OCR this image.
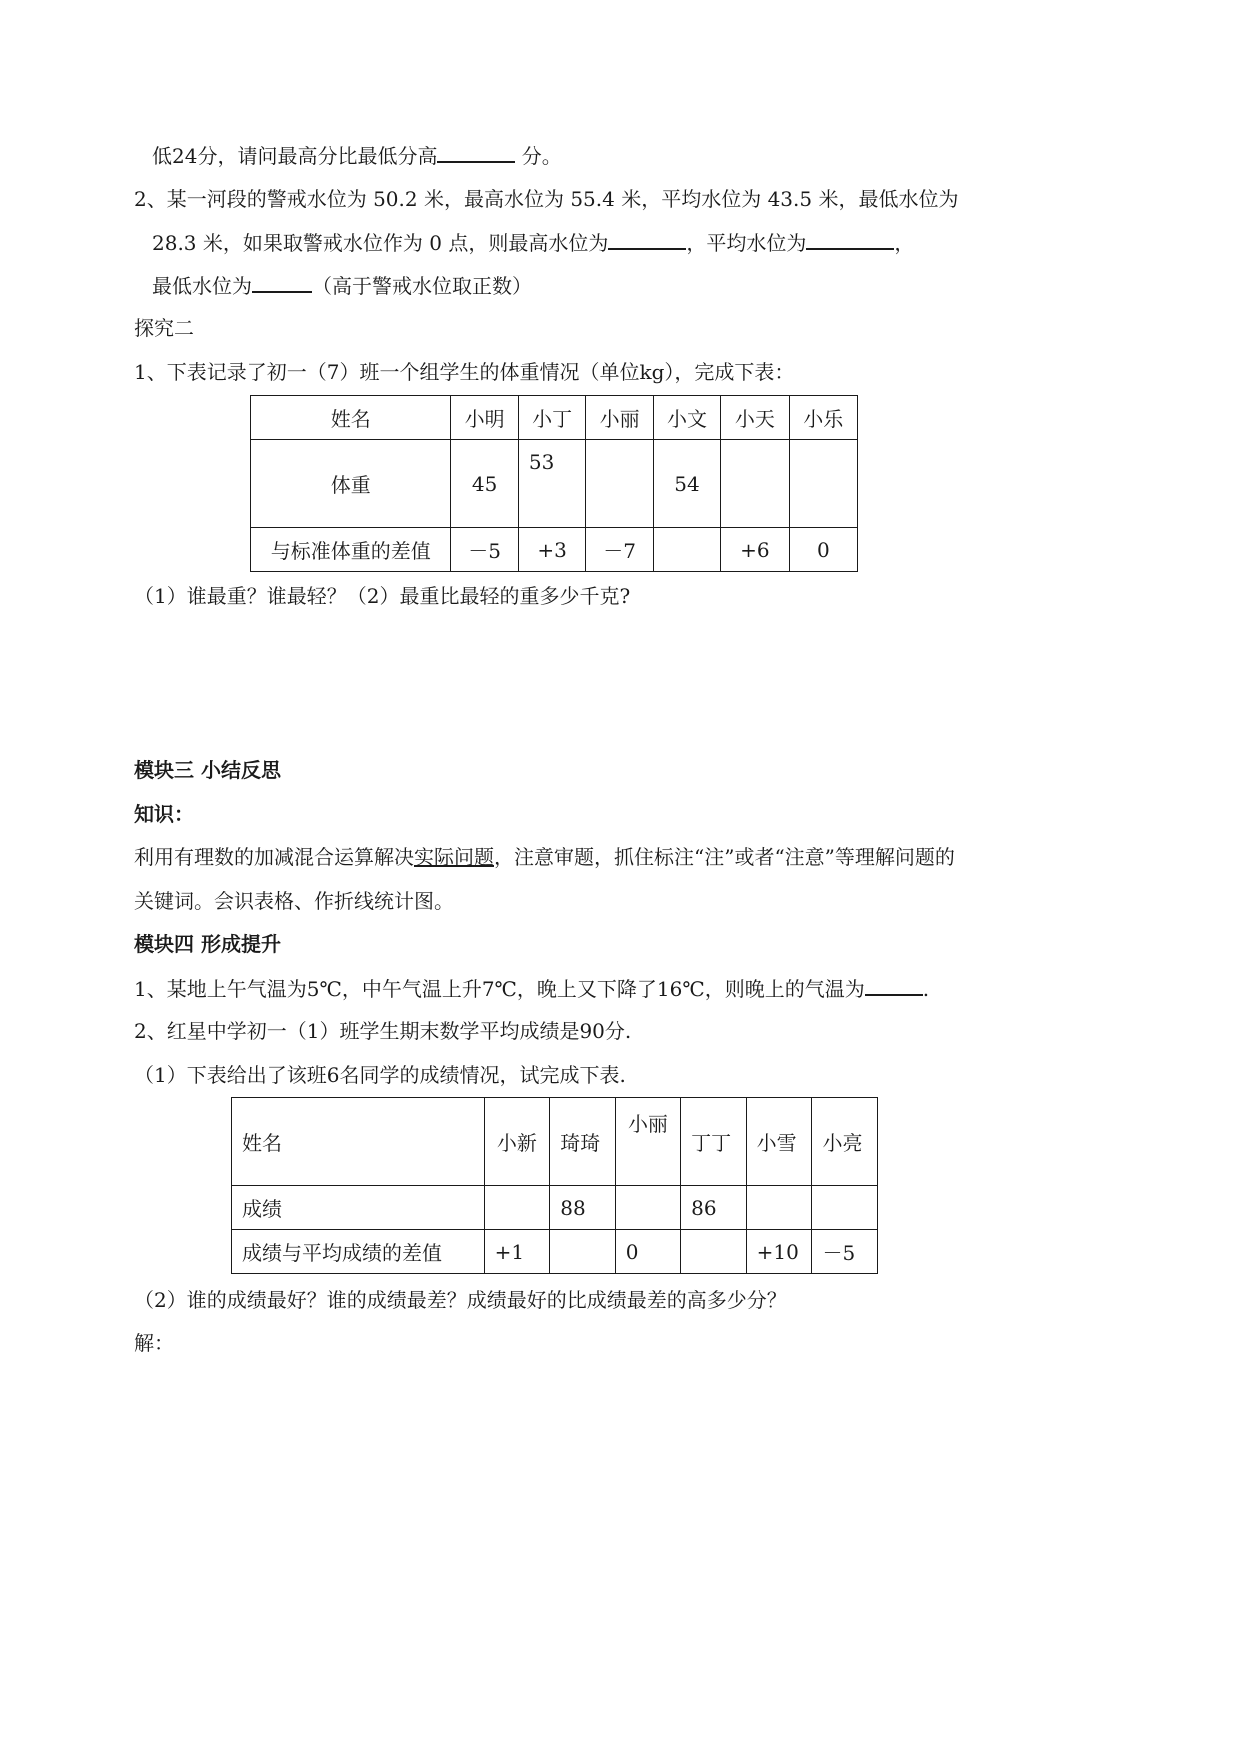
低24分，请问最高分比最低分高	分。
2、某一河段的警戒水位为 50.2 米，最高水位为 55.4 米，平均水位为 43.5 米，最低水位为
28.3 米，如果取警戒水位作为 0 点，则最高水位为	，平均水位为	，
最低水位为	（高于警戒水位取正数）
探究二
1、下表记录了初一（7）班一个组学生的体重情况（单位kg），完成下表：
姓名	小明	小丁	小丽	小文	小天	小乐
体重	45	53		54		
与标准体重的差值	－5	+3	－7		+6	0
（1）谁最重？谁最轻？（2）最重比最轻的重多少千克?
模块三 小结反思
知识：
利用有理数的加减混合运算解决实际问题，注意审题，抓住标注“注”或者“注意”等理解问题的
关键词。会识表格、作折线统计图。
模块四 形成提升
1、某地上午气温为5℃，中午气温上升7℃，晚上又下降了16℃，则晚上的气温为	.
2、红星中学初一（1）班学生期末数学平均成绩是90分.
（1）下表给出了该班6名同学的成绩情况，试完成下表.
姓名	小新	琦琦	小丽	丁丁	小雪	小亮
成绩		88		86		
成绩与平均成绩的差值	+1		0		+10	－5
（2）谁的成绩最好？谁的成绩最差？成绩最好的比成绩最差的高多少分？
解：
